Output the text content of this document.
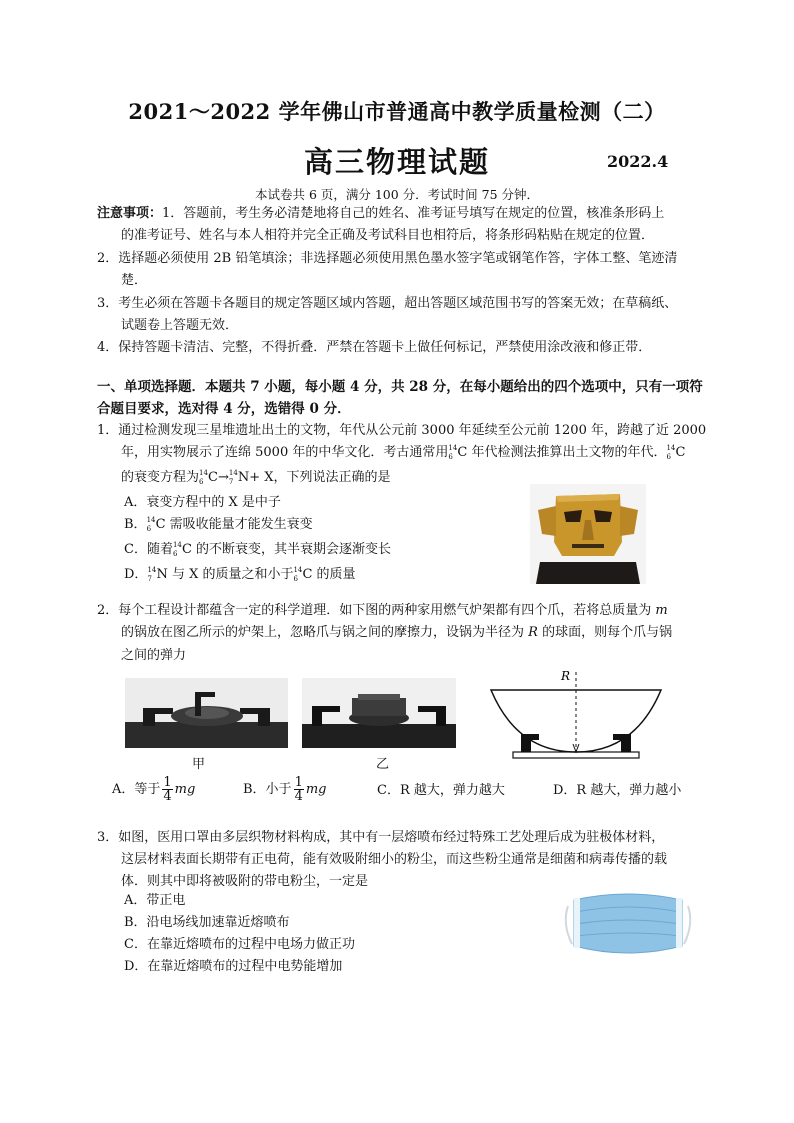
2021～2022 学年佛山市普通高中教学质量检测（二）
高三物理试题	2022.4
本试卷共 6 页，满分 100 分．考试时间 75 分钟．
注意事项：1．答题前，考生务必清楚地将自己的姓名、准考证号填写在规定的位置，核准条形码上
的准考证号、姓名与本人相符并完全正确及考试科目也相符后，将条形码粘贴在规定的位置．
2．选择题必须使用 2B 铅笔填涂；非选择题必须使用黑色墨水签字笔或钢笔作答，字体工整、笔迹清
楚．
3．考生必须在答题卡各题目的规定答题区域内答题，超出答题区域范围书写的答案无效；在草稿纸、
试题卷上答题无效．
4．保持答题卡清洁、完整，不得折叠．严禁在答题卡上做任何标记，严禁使用涂改液和修正带．
一、单项选择题．本题共 7 小题，每小题 4 分，共 28 分，在每小题给出的四个选项中，只有一项符
合题目要求，选对得 4 分，选错得 0 分．
1．通过检测发现三星堆遗址出土的文物，年代从公元前 3000 年延续至公元前 1200 年，跨越了近 2000
年，用实物展示了连绵 5000 年的中华文化．考古通常用 14
6 C 年代检测法推算出土文物的年代． 14
6 C
的衰变方程为 14
6 C→ 14
7 N+ X，下列说法正确的是
A．衰变方程中的 X 是中子
B． 14
6 C 需吸收能量才能发生衰变
C．随着 14
6 C 的不断衰变，其半衰期会逐渐变长
D． 14
7 N 与 X 的质量之和小于 14
6 C 的质量
2．每个工程设计都蕴含一定的科学道理．如下图的两种家用燃气炉架都有四个爪，若将总质量为 m
的锅放在图乙所示的炉架上，忽略爪与锅之间的摩擦力，设锅为半径为 R 的球面，则每个爪与锅
之间的弹力
甲	乙
R
A．等于 $\frac{1}{4}$ mg	B．小于 $\frac{1}{4}$ mg	C．R 越大，弹力越大	D．R 越大，弹力越小
3．如图，医用口罩由多层织物材料构成，其中有一层熔喷布经过特殊工艺处理后成为驻极体材料，
这层材料表面长期带有正电荷，能有效吸附细小的粉尘，而这些粉尘通常是细菌和病毒传播的载
体．则其中即将被吸附的带电粉尘，一定是
A．带正电
B．沿电场线加速靠近熔喷布
C．在靠近熔喷布的过程中电场力做正功
D．在靠近熔喷布的过程中电势能增加
